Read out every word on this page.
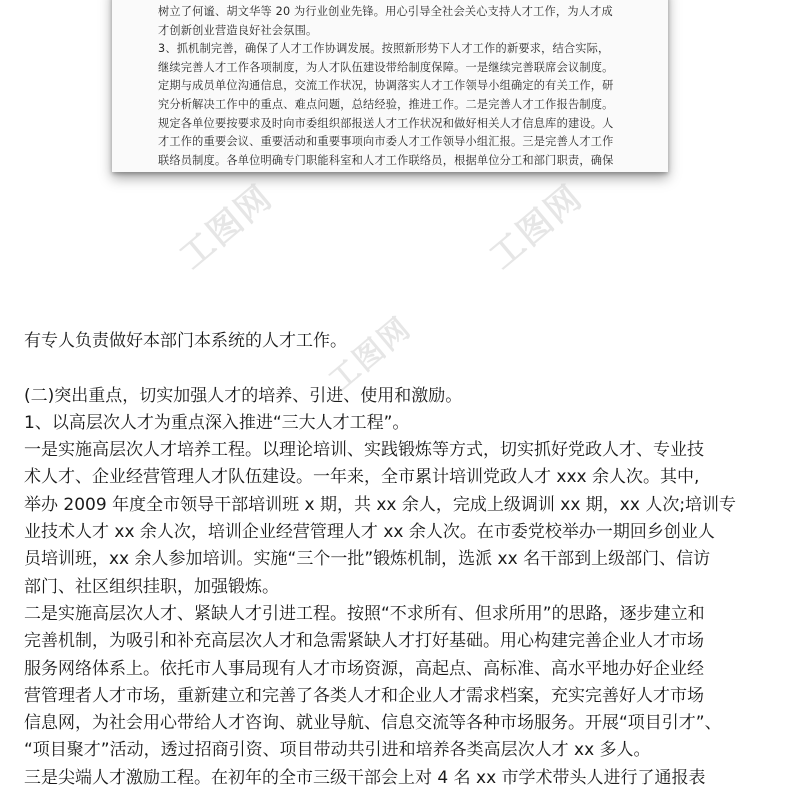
树立了何谧、胡文华等 20 为行业创业先锋。用心引导全社会关心支持人才工作，为人才成
才创新创业营造良好社会氛围。
3、抓机制完善，确保了人才工作协调发展。按照新形势下人才工作的新要求，结合实际，
继续完善人才工作各项制度，为人才队伍建设带给制度保障。一是继续完善联席会议制度。
定期与成员单位沟通信息，交流工作状况，协调落实人才工作领导小组确定的有关工作，研
究分析解决工作中的重点、难点问题，总结经验，推进工作。二是完善人才工作报告制度。
规定各单位要按要求及时向市委组织部报送人才工作状况和做好相关人才信息库的建设。人
才工作的重要会议、重要活动和重要事项向市委人才工作领导小组汇报。三是完善人才工作
联络员制度。各单位明确专门职能科室和人才工作联络员，根据单位分工和部门职责，确保
工图网	工图网
工图网
有专人负责做好本部门本系统的人才工作。
(二)突出重点，切实加强人才的培养、引进、使用和激励。
1、以高层次人才为重点深入推进“三大人才工程”。
一是实施高层次人才培养工程。以理论培训、实践锻炼等方式，切实抓好党政人才、专业技
术人才、企业经营管理人才队伍建设。一年来，全市累计培训党政人才 xxx 余人次。其中,
举办 2009 年度全市领导干部培训班 x 期，共 xx 余人，完成上级调训 xx 期，xx 人次;培训专
业技术人才 xx 余人次，培训企业经营管理人才 xx 余人次。在市委党校举办一期回乡创业人
员培训班，xx 余人参加培训。实施“三个一批”锻炼机制，选派 xx 名干部到上级部门、信访
部门、社区组织挂职，加强锻炼。
二是实施高层次人才、紧缺人才引进工程。按照“不求所有、但求所用”的思路，逐步建立和
完善机制，为吸引和补充高层次人才和急需紧缺人才打好基础。用心构建完善企业人才市场
服务网络体系上。依托市人事局现有人才市场资源，高起点、高标准、高水平地办好企业经
营管理者人才市场，重新建立和完善了各类人才和企业人才需求档案，充实完善好人才市场
信息网，为社会用心带给人才咨询、就业导航、信息交流等各种市场服务。开展“项目引才”、
“项目聚才”活动，透过招商引资、项目带动共引进和培养各类高层次人才 xx 多人。
三是尖端人才激励工程。在初年的全市三级干部会上对 4 名 xx 市学术带头人进行了通报表
